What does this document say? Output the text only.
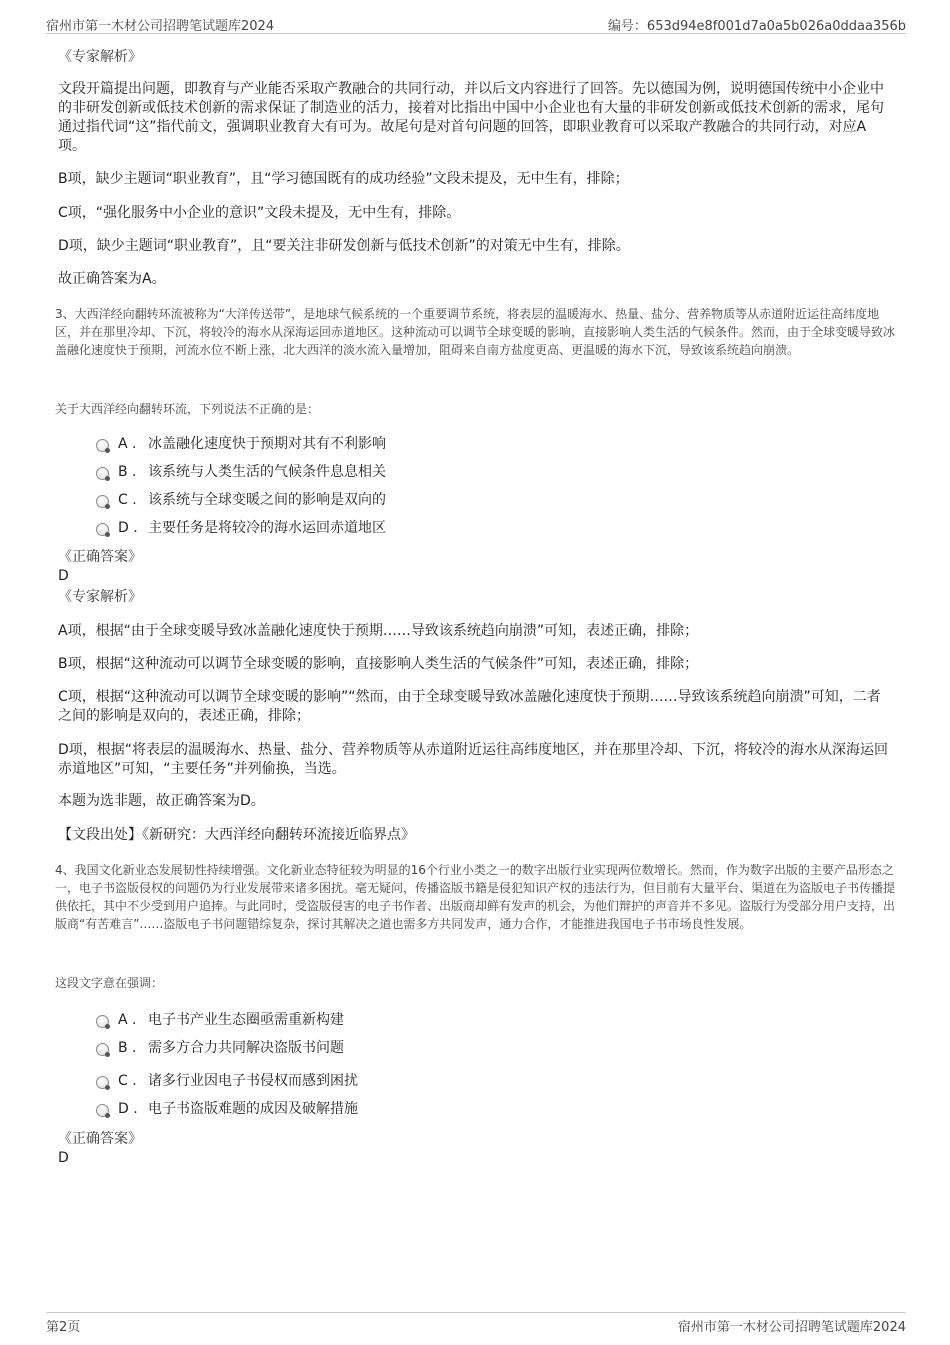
宿州市第一木材公司招聘笔试题库2024	编号：653d94e8f001d7a0a5b026a0ddaa356b
《专家解析》
文段开篇提出问题，即教育与产业能否采取产教融合的共同行动，并以后文内容进行了回答。先以德国为例，说明德国传统中小企业中的非研发创新或低技术创新的需求保证了制造业的活力，接着对比指出中国中小企业也有大量的非研发创新或低技术创新的需求，尾句通过指代词“这”指代前文，强调职业教育大有可为。故尾句是对首句问题的回答，即职业教育可以采取产教融合的共同行动，对应A项。
B项，缺少主题词“职业教育”，且“学习德国既有的成功经验”文段未提及，无中生有，排除；
C项，“强化服务中小企业的意识”文段未提及，无中生有，排除。
D项，缺少主题词“职业教育”，且“要关注非研发创新与低技术创新”的对策无中生有，排除。
故正确答案为A。
3、大西洋经向翻转环流被称为“大洋传送带”，是地球气候系统的一个重要调节系统，将表层的温暖海水、热量、盐分、营养物质等从赤道附近运往高纬度地区，并在那里冷却、下沉，将较冷的海水从深海运回赤道地区。这种流动可以调节全球变暖的影响，直接影响人类生活的气候条件。然而，由于全球变暖导致冰盖融化速度快于预期，河流水位不断上涨，北大西洋的淡水流入量增加，阻碍来自南方盐度更高、更温暖的海水下沉，导致该系统趋向崩溃。
关于大西洋经向翻转环流，下列说法不正确的是：
A . 冰盖融化速度快于预期对其有不利影响
B . 该系统与人类生活的气候条件息息相关
C . 该系统与全球变暖之间的影响是双向的
D . 主要任务是将较冷的海水运回赤道地区
《正确答案》
D
《专家解析》
A项，根据“由于全球变暖导致冰盖融化速度快于预期……导致该系统趋向崩溃”可知，表述正确，排除；
B项，根据“这种流动可以调节全球变暖的影响，直接影响人类生活的气候条件”可知，表述正确，排除；
C项，根据“这种流动可以调节全球变暖的影响”“然而，由于全球变暖导致冰盖融化速度快于预期……导致该系统趋向崩溃”可知，二者之间的影响是双向的，表述正确，排除；
D项，根据“将表层的温暖海水、热量、盐分、营养物质等从赤道附近运往高纬度地区，并在那里冷却、下沉，将较冷的海水从深海运回赤道地区”可知，“主要任务”并列偷换，当选。
本题为选非题，故正确答案为D。
【文段出处】《新研究：大西洋经向翻转环流接近临界点》
4、我国文化新业态发展韧性持续增强。文化新业态特征较为明显的16个行业小类之一的数字出版行业实现两位数增长。然而，作为数字出版的主要产品形态之一，电子书盗版侵权的问题仍为行业发展带来诸多困扰。毫无疑问，传播盗版书籍是侵犯知识产权的违法行为，但目前有大量平台、渠道在为盗版电子书传播提供依托，其中不少受到用户追捧。与此同时，受盗版侵害的电子书作者、出版商却鲜有发声的机会，为他们辩护的声音并不多见。盗版行为受部分用户支持，出版商“有苦难言”……盗版电子书问题错综复杂，探讨其解决之道也需多方共同发声，通力合作，才能推进我国电子书市场良性发展。
这段文字意在强调：
A . 电子书产业生态圈亟需重新构建
B . 需多方合力共同解决盗版书问题
C . 诸多行业因电子书侵权而感到困扰
D . 电子书盗版难题的成因及破解措施
《正确答案》
D
第2页	宿州市第一木材公司招聘笔试题库2024
